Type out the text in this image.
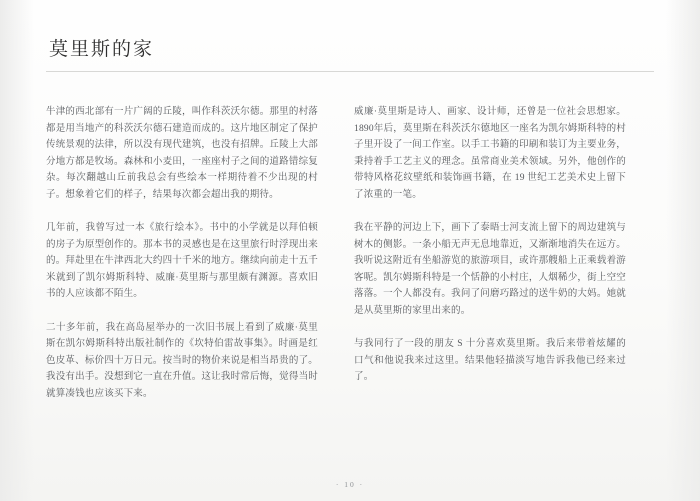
莫里斯的家

牛津的西北部有一片广阔的丘陵，叫作科茨沃尔德。那里的村落都是用当地产的科茨沃尔德石建造而成的。这片地区制定了保护传统景观的法律，所以没有现代建筑，也没有招牌。丘陵上大部分地方都是牧场。森林和小麦田，一座座村子之间的道路错综复杂。每次翻越山丘前我总会有些绘本一样期待着不少出现的村子。想象着它们的样子，结果每次都会超出我的期待。

几年前，我曾写过一本《旅行绘本》。书中的小学就是以拜伯顿的房子为原型创作的。那本书的灵感也是在这里旅行时浮现出来的。拜赴里在牛津西北大约四十千米的地方。继续向前走十五千米就到了凯尔姆斯科特、威廉·莫里斯与那里颇有渊源。喜欢旧书的人应该都不陌生。

二十多年前，我在高岛屋举办的一次旧书展上看到了威廉·莫里斯在凯尔姆斯科特出版社制作的《坎特伯雷故事集》。时画是红色皮革、标价四十万日元。按当时的物价来说是相当昂贵的了。我没有出手。没想到它一直在升值。这让我时常后悔，觉得当时就算凑钱也应该买下来。

威廉·莫里斯是诗人、画家、设计师，还曾是一位社会思想家。1890年后，莫里斯在科茨沃尔德地区一座名为凯尔姆斯科特的村子里开设了一间工作室。以手工书籍的印刷和装订为主要业务，秉持着手工艺主义的理念。虽常商业美术领域。另外，他创作的带特风格花纹壁纸和装饰画书籍，在 19 世纪工艺美术史上留下了浓重的一笔。

我在平静的河边上下，画下了泰晤士河支流上留下的周边建筑与树木的侧影。一条小船无声无息地靠近，又渐渐地消失在远方。我听说这附近有坐船游览的旅游项目，或许那艘船上正乘载着游客呢。凯尔姆斯科特是一个恬静的小村庄，人烟稀少，街上空空落落。一个人都没有。我问了问磨巧路过的送牛奶的大妈。她就是从莫里斯的家里出来的。

与我同行了一段的朋友 S 十分喜欢莫里斯。我后来带着炫耀的口气和他说我来过这里。结果他轻描淡写地告诉我他已经来过了。

· 10 ·
